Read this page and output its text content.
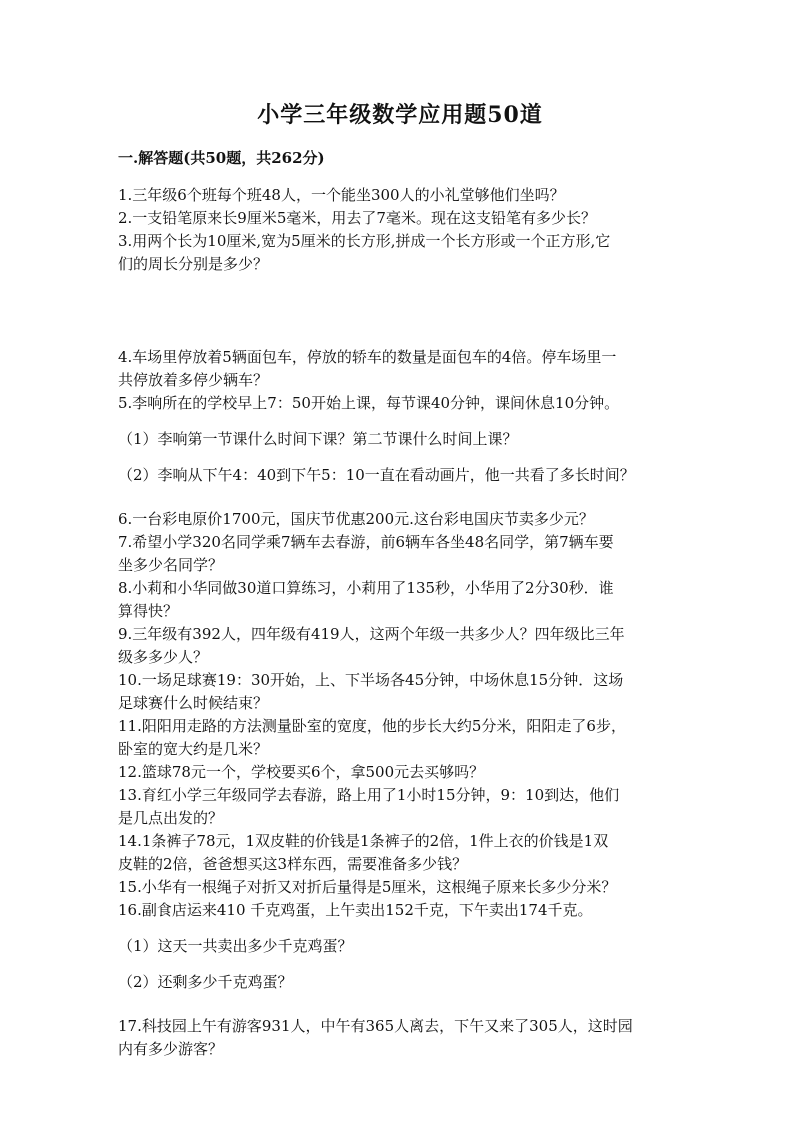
小学三年级数学应用题50道
一.解答题(共50题，共262分)
1.三年级6个班每个班48人，一个能坐300人的小礼堂够他们坐吗？
2.一支铅笔原来长9厘米5毫米，用去了7毫米。现在这支铅笔有多少长？
3.用两个长为10厘米,宽为5厘米的长方形,拼成一个长方形或一个正方形,它
们的周长分别是多少？
4.车场里停放着5辆面包车，停放的轿车的数量是面包车的4倍。停车场里一
共停放着多停少辆车？
5.李响所在的学校早上7：50开始上课，每节课40分钟，课间休息10分钟。
（1）李响第一节课什么时间下课？第二节课什么时间上课？
（2）李响从下午4：40到下午5：10一直在看动画片，他一共看了多长时间？
6.一台彩电原价1700元，国庆节优惠200元.这台彩电国庆节卖多少元？
7.希望小学320名同学乘7辆车去春游，前6辆车各坐48名同学，第7辆车要
坐多少名同学？
8.小莉和小华同做30道口算练习，小莉用了135秒，小华用了2分30秒．谁
算得快？
9.三年级有392人，四年级有419人，这两个年级一共多少人？四年级比三年
级多多少人？
10.一场足球赛19：30开始，上、下半场各45分钟，中场休息15分钟．这场
足球赛什么时候结束？
11.阳阳用走路的方法测量卧室的宽度，他的步长大约5分米，阳阳走了6步，
卧室的宽大约是几米？
12.篮球78元一个，学校要买6个，拿500元去买够吗？
13.育红小学三年级同学去春游，路上用了1小时15分钟，9：10到达，他们
是几点出发的？
14.1条裤子78元，1双皮鞋的价钱是1条裤子的2倍，1件上衣的价钱是1双
皮鞋的2倍，爸爸想买这3样东西，需要准备多少钱？
15.小华有一根绳子对折又对折后量得是5厘米，这根绳子原来长多少分米？
16.副食店运来410 千克鸡蛋，上午卖出152千克，下午卖出174千克。
（1）这天一共卖出多少千克鸡蛋？
（2）还剩多少千克鸡蛋？
17.科技园上午有游客931人，中午有365人离去，下午又来了305人，这时园
内有多少游客？
